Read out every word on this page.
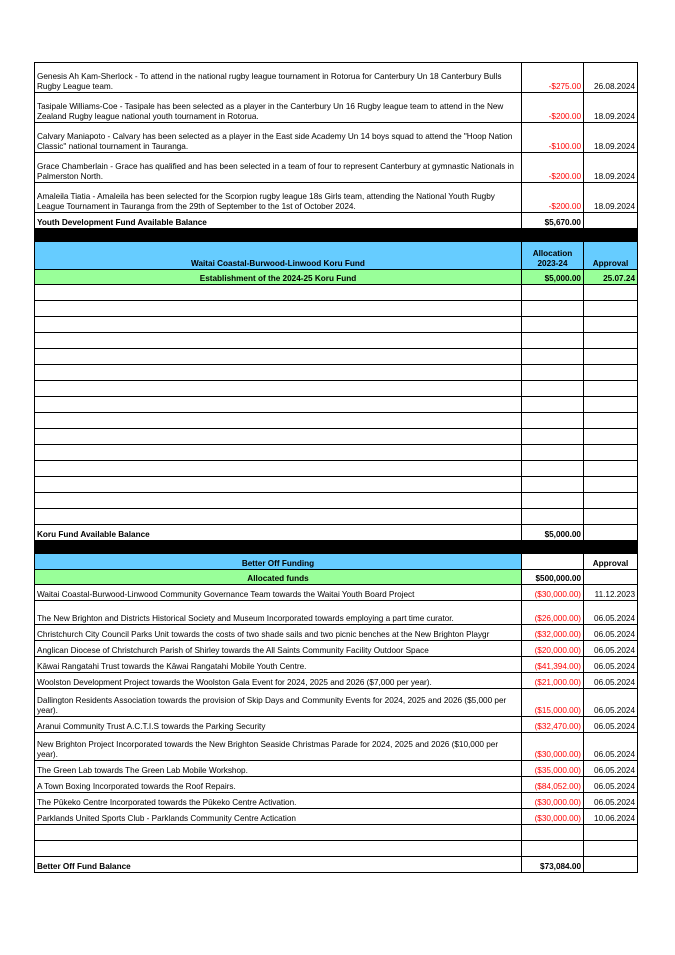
Genesis Ah Kam-Sherlock - To attend in the national rugby league tournament in Rotorua for Canterbury Un 18 Canterbury Bulls Rugby League team.	-$275.00	26.08.2024
Tasipale Williams-Coe - Tasipale has been selected as a player in the Canterbury Un 16 Rugby league team to attend in the New Zealand Rugby league national youth tournament in Rotorua.	-$200.00	18.09.2024
Calvary Maniapoto - Calvary has been selected as a player in the East side Academy Un 14 boys squad to attend the "Hoop Nation Classic" national tournament in Tauranga.	-$100.00	18.09.2024
Grace Chamberlain - Grace has qualified and has been selected in a team of four to represent Canterbury at gymnastic Nationals in Palmerston North.	-$200.00	18.09.2024
Amaleila Tiatia - Amaleila has been selected for the Scorpion rugby league 18s Girls team, attending the National Youth Rugby League Tournament in Tauranga from the 29th of September to the 1st of October 2024.	-$200.00	18.09.2024
Youth Development Fund Available Balance	$5,670.00	

Waitai Coastal-Burwood-Linwood Koru Fund	Allocation 2023-24	Approval
Establishment of the 2024-25 Koru Fund	$5,000.00	25.07.24

Koru Fund Available Balance	$5,000.00	

Better Off Funding		Approval
Allocated funds	$500,000.00	
Waitai Coastal-Burwood-Linwood Community Governance Team towards the Waitai Youth Board Project	($30,000.00)	11.12.2023
The New Brighton and Districts Historical Society and Museum Incorporated towards employing a part time curator.	($26,000.00)	06.05.2024
Christchurch City Council Parks Unit towards the costs of two shade sails and two picnic benches at the New Brighton Playgr	($32,000.00)	06.05.2024
Anglican Diocese of Christchurch Parish of Shirley towards the All Saints Community Facility Outdoor Space	($20,000.00)	06.05.2024
Kāwai Rangatahi Trust towards the Kāwai Rangatahi Mobile Youth Centre.	($41,394.00)	06.05.2024
Woolston Development Project towards the Woolston Gala Event for 2024, 2025 and 2026 ($7,000 per year).	($21,000.00)	06.05.2024
Dallington Residents Association towards the provision of Skip Days and Community Events for 2024, 2025 and 2026 ($5,000 per year).	($15,000.00)	06.05.2024
Aranui Community Trust A.C.T.I.S towards the Parking Security	($32,470.00)	06.05.2024
New Brighton Project Incorporated towards the New Brighton Seaside Christmas Parade for 2024, 2025 and 2026 ($10,000 per year).	($30,000.00)	06.05.2024
The Green Lab towards The Green Lab Mobile Workshop.	($35,000.00)	06.05.2024
A Town Boxing Incorporated towards the Roof Repairs.	($84,052.00)	06.05.2024
The Pūkeko Centre Incorporated towards the Pūkeko Centre Activation.	($30,000.00)	06.05.2024
Parklands United Sports Club - Parklands Community Centre Actication	($30,000.00)	10.06.2024

Better Off Fund Balance	$73,084.00	
